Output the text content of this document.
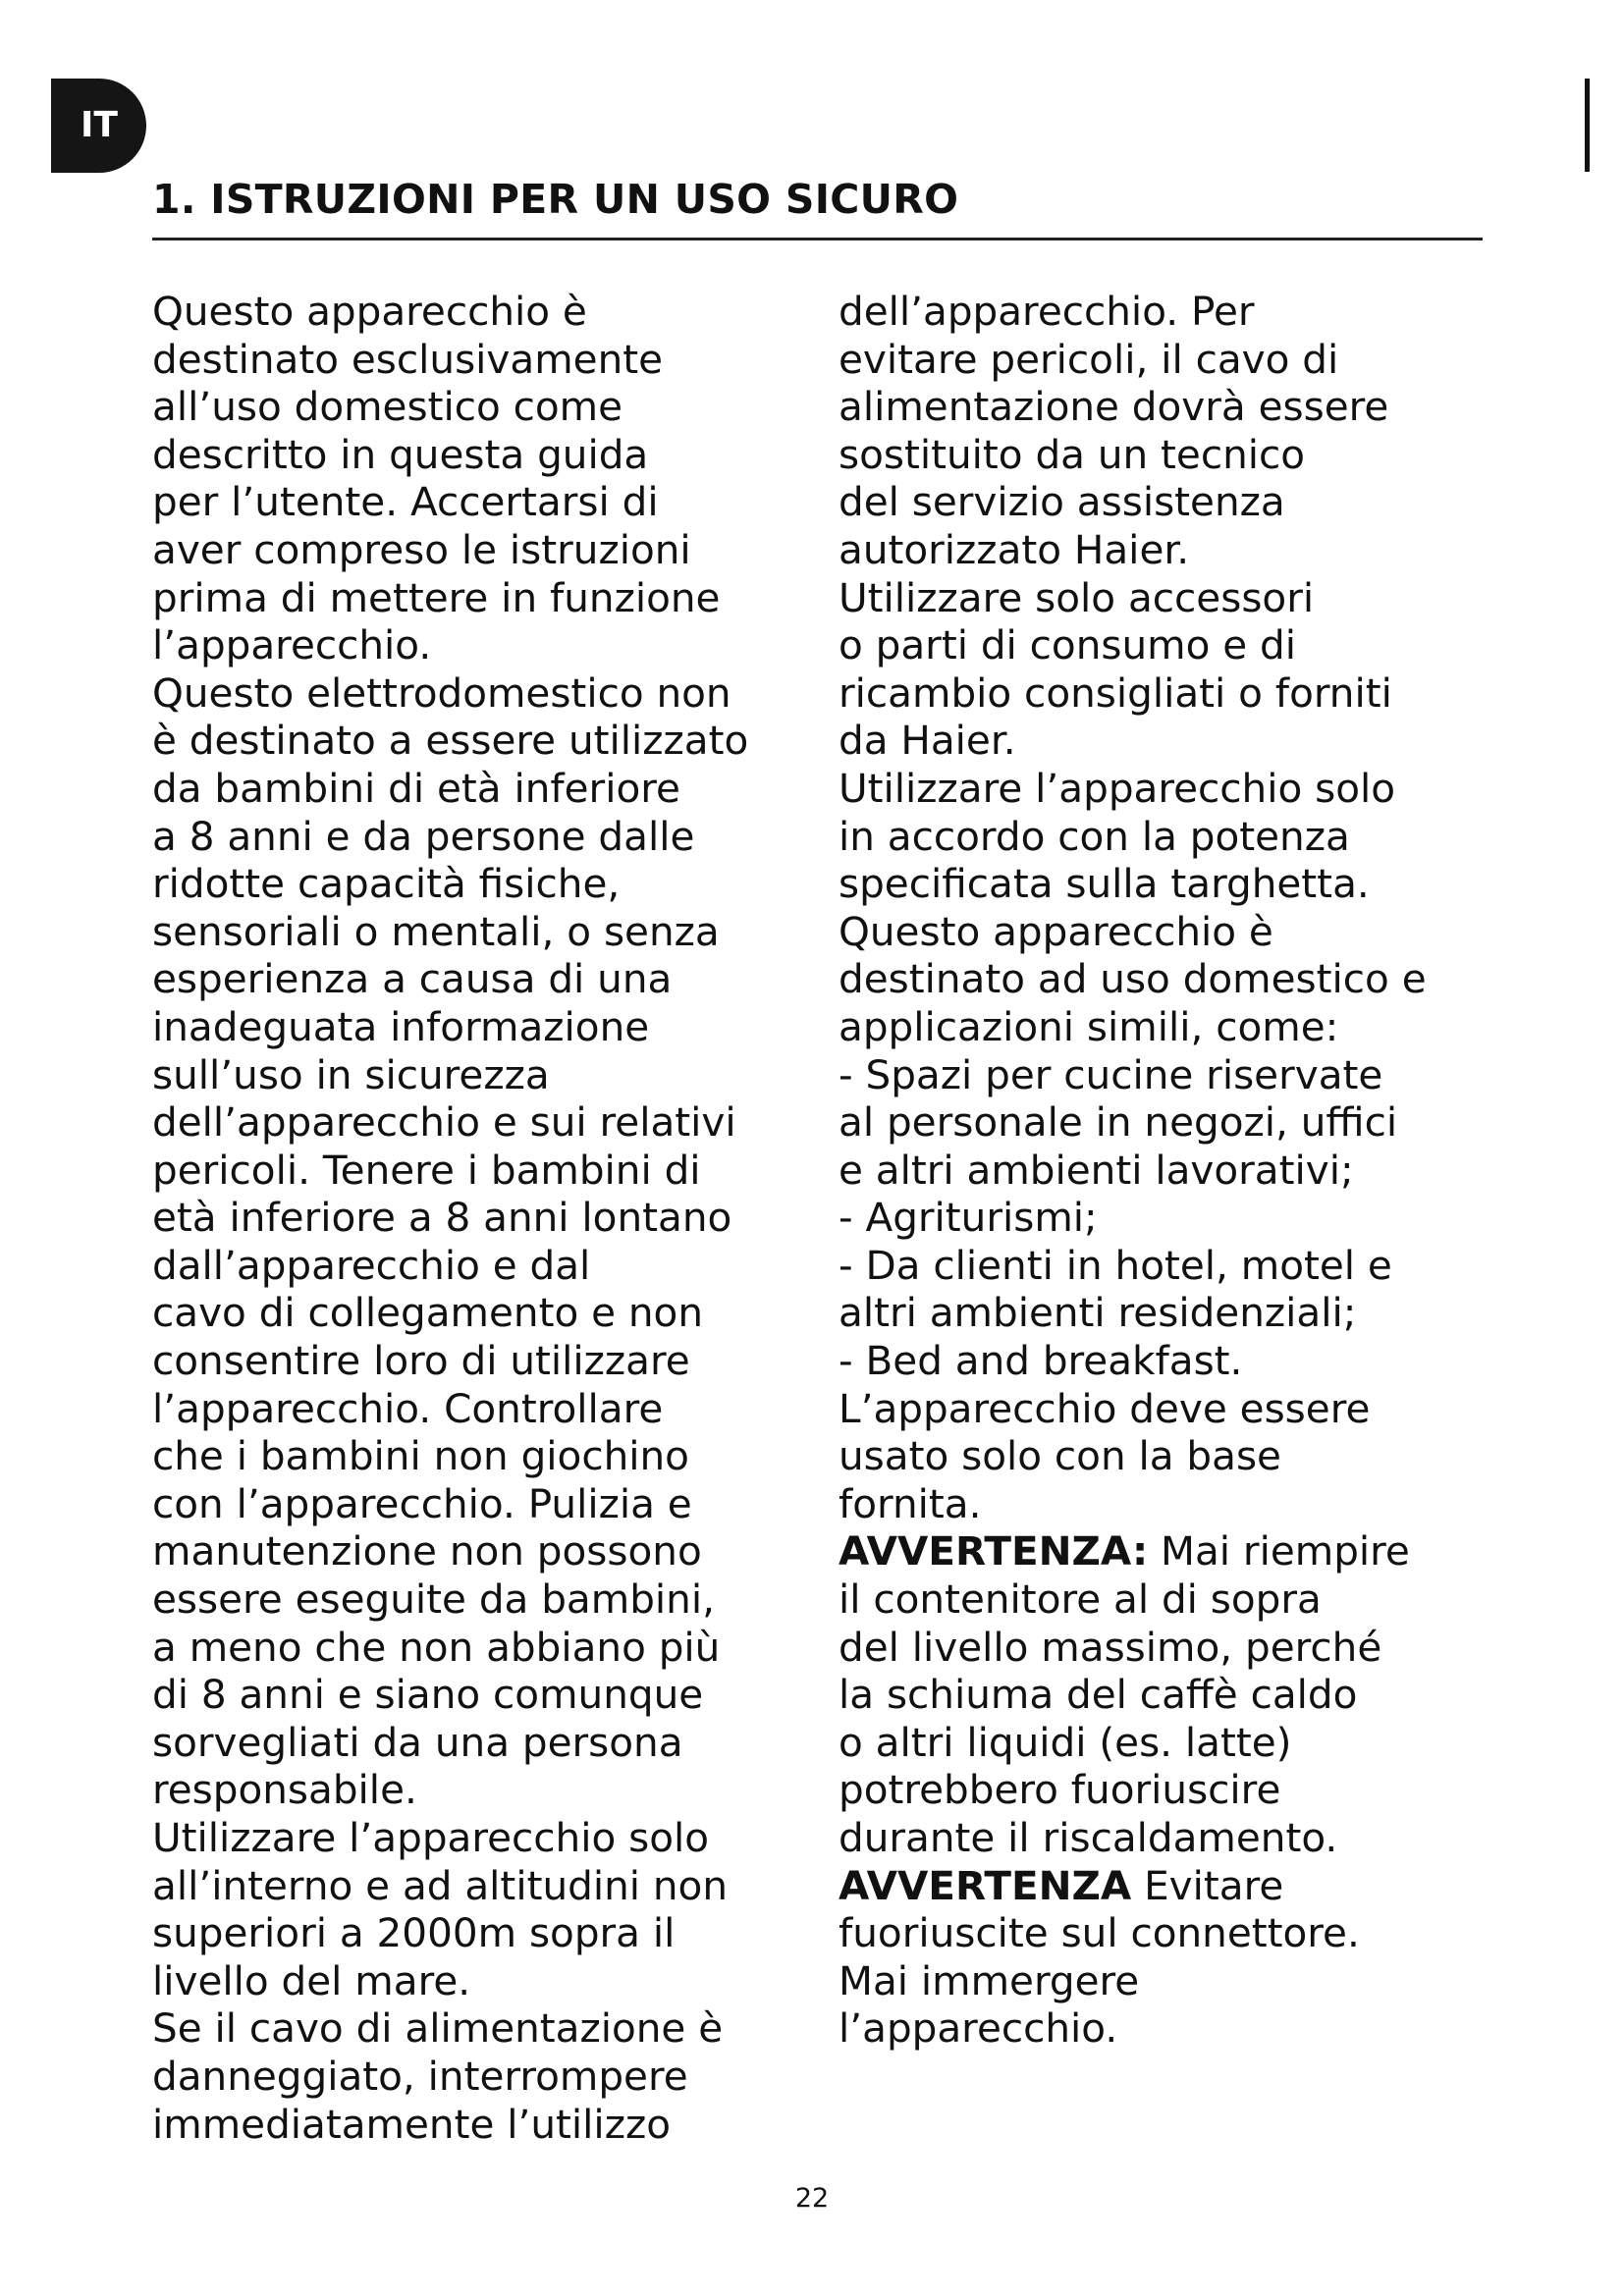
IT
1. ISTRUZIONI PER UN USO SICURO
Questo apparecchio è
destinato esclusivamente
all’uso domestico come
descritto in questa guida
per l’utente. Accertarsi di
aver compreso le istruzioni
prima di mettere in funzione
l’apparecchio.
Questo elettrodomestico non
è destinato a essere utilizzato
da bambini di età inferiore
a 8 anni e da persone dalle
ridotte capacità fisiche,
sensoriali o mentali, o senza
esperienza a causa di una
inadeguata informazione
sull’uso in sicurezza
dell’apparecchio e sui relativi
pericoli. Tenere i bambini di
età inferiore a 8 anni lontano
dall’apparecchio e dal
cavo di collegamento e non
consentire loro di utilizzare
l’apparecchio. Controllare
che i bambini non giochino
con l’apparecchio. Pulizia e
manutenzione non possono
essere eseguite da bambini,
a meno che non abbiano più
di 8 anni e siano comunque
sorvegliati da una persona
responsabile.
Utilizzare l’apparecchio solo
all’interno e ad altitudini non
superiori a 2000m sopra il
livello del mare.
Se il cavo di alimentazione è
danneggiato, interrompere
immediatamente l’utilizzo
dell’apparecchio. Per
evitare pericoli, il cavo di
alimentazione dovrà essere
sostituito da un tecnico
del servizio assistenza
autorizzato Haier.
Utilizzare solo accessori
o parti di consumo e di
ricambio consigliati o forniti
da Haier.
Utilizzare l’apparecchio solo
in accordo con la potenza
specificata sulla targhetta.
Questo apparecchio è
destinato ad uso domestico e
applicazioni simili, come:
- Spazi per cucine riservate
al personale in negozi, uffici
e altri ambienti lavorativi;
- Agriturismi;
- Da clienti in hotel, motel e
altri ambienti residenziali;
- Bed and breakfast.
L’apparecchio deve essere
usato solo con la base
fornita.
AVVERTENZA: Mai riempire
il contenitore al di sopra
del livello massimo, perché
la schiuma del caffè caldo
o altri liquidi (es. latte)
potrebbero fuoriuscire
durante il riscaldamento.
AVVERTENZA Evitare
fuoriuscite sul connettore.
Mai immergere
l’apparecchio.
22
